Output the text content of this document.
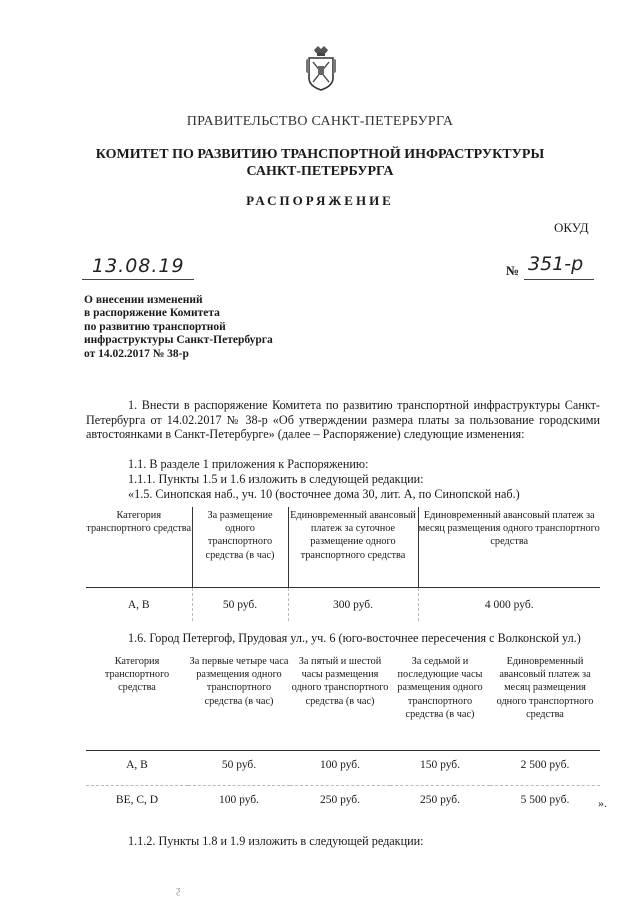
ПРАВИТЕЛЬСТВО САНКТ-ПЕТЕРБУРГА
КОМИТЕТ ПО РАЗВИТИЮ ТРАНСПОРТНОЙ ИНФРАСТРУКТУРЫ
САНКТ-ПЕТЕРБУРГА
РАСПОРЯЖЕНИЕ
ОКУД
13.08.19	№ 351-р
О внесении изменений
в распоряжение Комитета
по развитию транспортной
инфраструктуры Санкт-Петербурга
от 14.02.2017 № 38-р
1. Внести в распоряжение Комитета по развитию транспортной инфраструктуры Санкт-Петербурга от 14.02.2017 № 38-р «Об утверждении размера платы за пользование городскими автостоянками в Санкт-Петербурге» (далее – Распоряжение) следующие изменения:
1.1. В разделе 1 приложения к Распоряжению:
1.1.1. Пункты 1.5 и 1.6 изложить в следующей редакции:
«1.5. Синопская наб., уч. 10 (восточнее дома 30, лит. А, по Синопской наб.)
Категория транспортного средства	За размещение одного транспортного средства (в час)	Единовременный авансовый платеж за суточное размещение одного транспортного средства	Единовременный авансовый платеж за месяц размещения одного транспортного средства
А, В	50 руб.	300 руб.	4 000 руб.
1.6. Город Петергоф, Прудовая ул., уч. 6 (юго-восточнее пересечения с Волконской ул.)
Категория транспортного средства	За первые четыре часа размещения одного транспортного средства (в час)	За пятый и шестой часы размещения одного транспортного средства (в час)	За седьмой и последующие часы размещения одного транспортного средства (в час)	Единовременный авансовый платеж за месяц размещения одного транспортного средства
А, В	50 руб.	100 руб.	150 руб.	2 500 руб.
ВЕ, С, D	100 руб.	250 руб.	250 руб.	5 500 руб. ».
1.1.2. Пункты 1.8 и 1.9 изложить в следующей редакции:
ƺ
